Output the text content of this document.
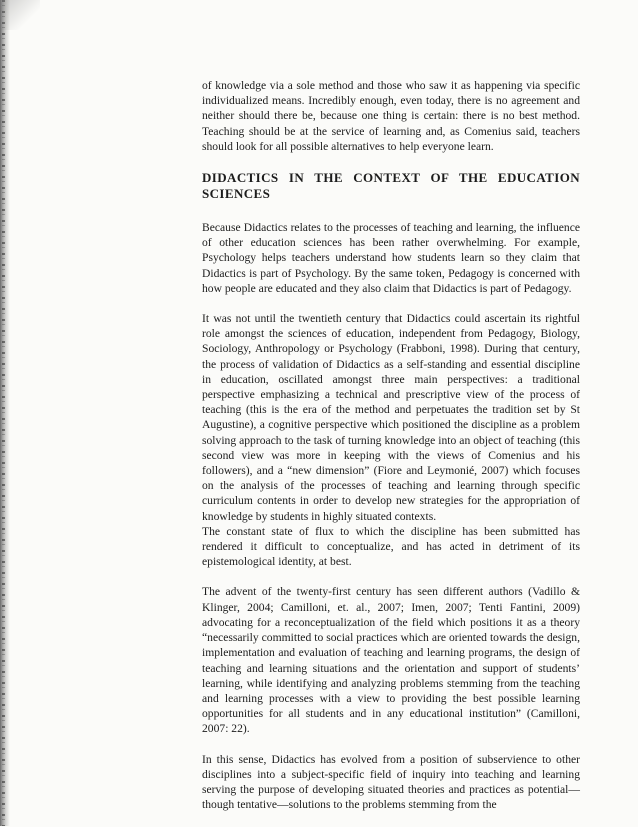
of knowledge via a sole method and those who saw it as happening via specific individualized means. Incredibly enough, even today, there is no agreement and neither should there be, because one thing is certain: there is no best method. Teaching should be at the service of learning and, as Comenius said, teachers should look for all possible alternatives to help everyone learn.

DIDACTICS IN THE CONTEXT OF THE EDUCATION SCIENCES

Because Didactics relates to the processes of teaching and learning, the influence of other education sciences has been rather overwhelming. For example, Psychology helps teachers understand how students learn so they claim that Didactics is part of Psychology. By the same token, Pedagogy is concerned with how people are educated and they also claim that Didactics is part of Pedagogy.

It was not until the twentieth century that Didactics could ascertain its rightful role amongst the sciences of education, independent from Pedagogy, Biology, Sociology, Anthropology or Psychology (Frabboni, 1998). During that century, the process of validation of Didactics as a self-standing and essential discipline in education, oscillated amongst three main perspectives: a traditional perspective emphasizing a technical and prescriptive view of the process of teaching (this is the era of the method and perpetuates the tradition set by St Augustine), a cognitive perspective which positioned the discipline as a problem solving approach to the task of turning knowledge into an object of teaching (this second view was more in keeping with the views of Comenius and his followers), and a “new dimension” (Fiore and Leymonié, 2007) which focuses on the analysis of the processes of teaching and learning through specific curriculum contents in order to develop new strategies for the appropriation of knowledge by students in highly situated contexts.

The constant state of flux to which the discipline has been submitted has rendered it difficult to conceptualize, and has acted in detriment of its epistemological identity, at best.

The advent of the twenty-first century has seen different authors (Vadillo & Klinger, 2004; Camilloni, et. al., 2007; Imen, 2007; Tenti Fantini, 2009) advocating for a reconceptualization of the field which positions it as a theory “necessarily committed to social practices which are oriented towards the design, implementation and evaluation of teaching and learning programs, the design of teaching and learning situations and the orientation and support of students’ learning, while identifying and analyzing problems stemming from the teaching and learning processes with a view to providing the best possible learning opportunities for all students and in any educational institution” (Camilloni, 2007: 22).

In this sense, Didactics has evolved from a position of subservience to other disciplines into a subject-specific field of inquiry into teaching and learning serving the purpose of developing situated theories and practices as potential—though tentative—solutions to the problems stemming from the
